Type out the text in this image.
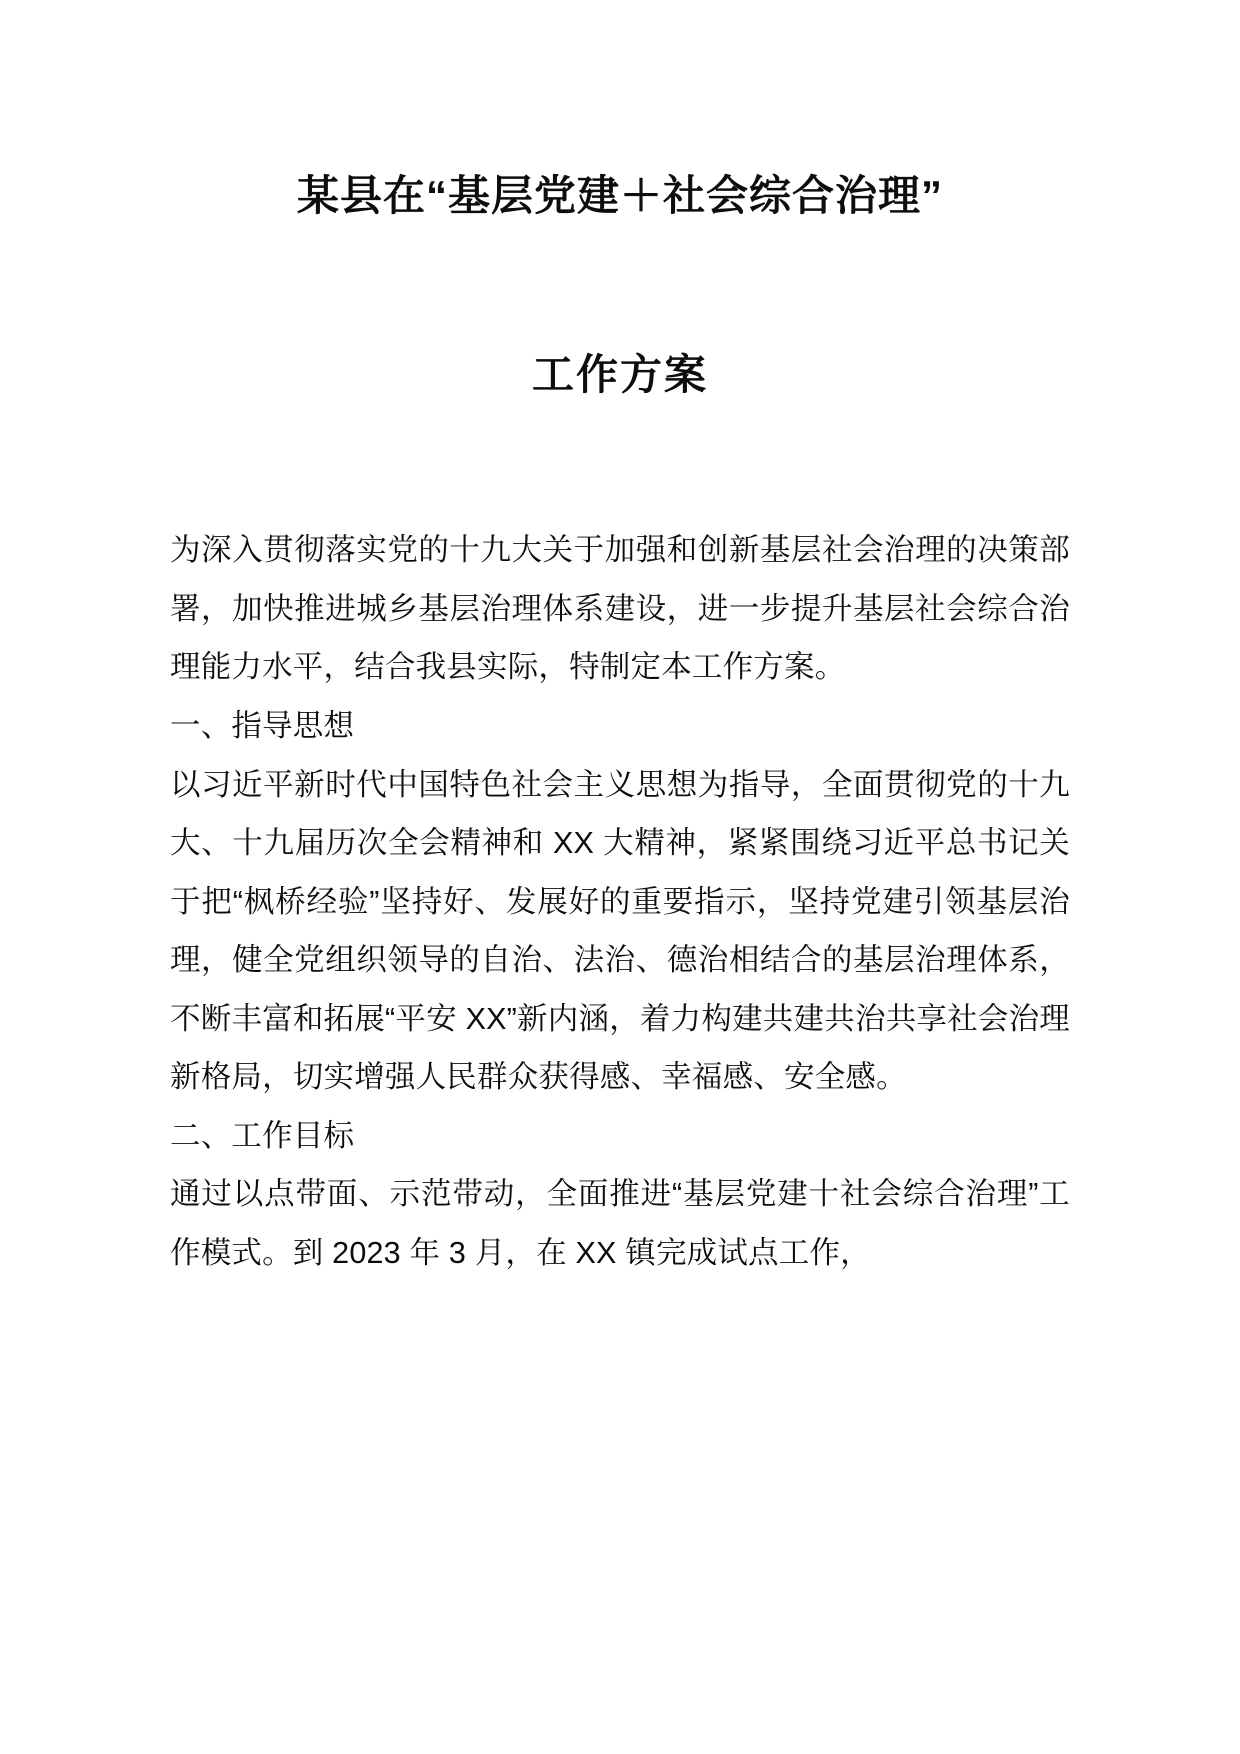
某县在“基层党建＋社会综合治理”
工作方案

为深入贯彻落实党的十九大关于加强和创新基层社会治理的决策部署，加快推进城乡基层治理体系建设，进一步提升基层社会综合治理能力水平，结合我县实际，特制定本工作方案。

一、指导思想

以习近平新时代中国特色社会主义思想为指导，全面贯彻党的十九大、十九届历次全会精神和 XX 大精神，紧紧围绕习近平总书记关于把“枫桥经验”坚持好、发展好的重要指示，坚持党建引领基层治理，健全党组织领导的自治、法治、德治相结合的基层治理体系，不断丰富和拓展“平安 XX”新内涵，着力构建共建共治共享社会治理新格局，切实增强人民群众获得感、幸福感、安全感。

二、工作目标

通过以点带面、示范带动，全面推进“基层党建十社会综合治理”工作模式。到 2023 年 3 月，在 XX 镇完成试点工作，
